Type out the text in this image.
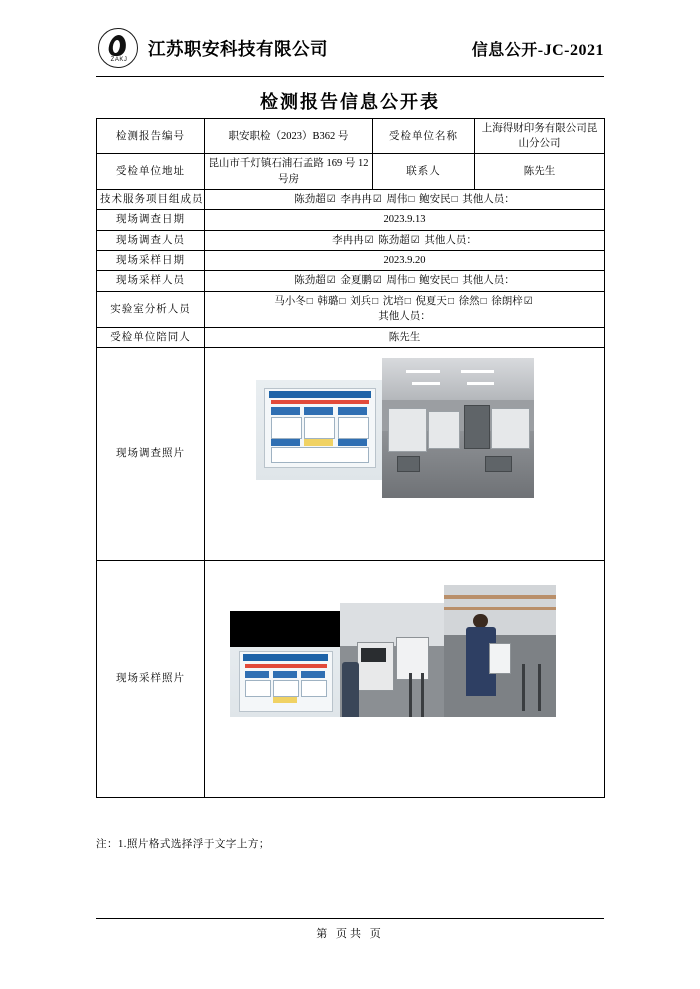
ZAKJ
江苏职安科技有限公司	信息公开-JC-2021
检测报告信息公开表
检测报告编号	职安职检（2023）B362 号	受检单位名称	上海得财印务有限公司昆山分公司
受检单位地址	昆山市千灯镇石浦石孟路 169 号 12 号房	联系人	陈先生
技术服务项目组成员	陈劲超☑ 李冉冉☑ 周伟□ 鲍安民□ 其他人员：		
现场调查日期	2023.9.13		
现场调查人员	李冉冉☑ 陈劲超☑ 其他人员：		
现场采样日期	2023.9.20		
现场采样人员	陈劲超☑ 金夏鹏☑ 周伟□ 鲍安民□ 其他人员：		
实验室分析人员	马小冬□ 韩璐□ 刘兵□ 沈培□ 倪夏天□ 徐然□ 徐朗梓☑
其他人员：		

受检单位陪同人	陈先生		
现场调查照片			

现场采样照片			
注：1.照片格式选择浮于文字上方；
第 页共 页
